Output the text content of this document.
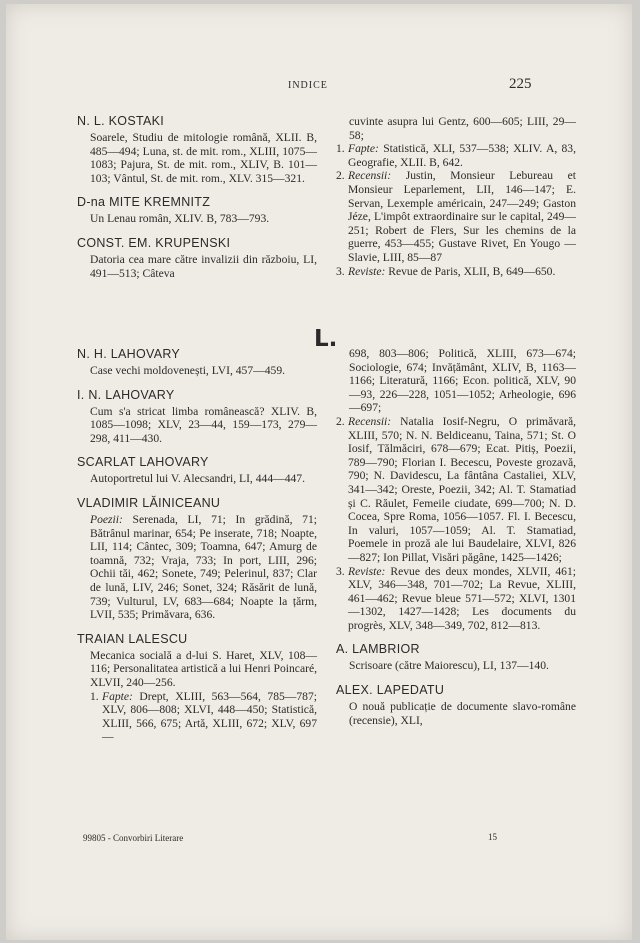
INDICE	225
N. L. KOSTAKI
Soarele, Studiu de mitologie română, XLII. B, 485—494; Luna, st. de mit. rom., XLIII, 1075—1083; Pajura, St. de mit. rom., XLIV, B. 101—103; Vântul, St. de mit. rom., XLV. 315—321.
D-na MITE KREMNITZ
Un Lenau român, XLIV. B, 783—793.
CONST. EM. KRUPENSKI
Datoria cea mare către invalizii din războiu, LI, 491—513; Câteva
cuvinte asupra lui Gentz, 600—605; LIII, 29—58;
1. Fapte: Statistică, XLI, 537—538; XLIV. A, 83, Geografie, XLII. B, 642.
2. Recensii: Justin, Monsieur Lebureau et Monsieur Leparlement, LII, 146—147; E. Servan, Lexemple américain, 247—249; Gaston Jéze, L'impôt extraordinaire sur le capital, 249—251; Robert de Flers, Sur les chemins de la guerre, 453—455; Gustave Rivet, En Yougo — Slavie, LIII, 85—87
3. Reviste: Revue de Paris, XLII, B, 649—650.
L.
N. H. LAHOVARY
Case vechi moldovenești, LVI, 457—459.
I. N. LAHOVARY
Cum s'a stricat limba românească? XLIV. B, 1085—1098; XLV, 23—44, 159—173, 279—298, 411—430.
SCARLAT LAHOVARY
Autoportretul lui V. Alecsandri, LI, 444—447.
VLADIMIR LĂINICEANU
Poezii: Serenada, LI, 71; In grădină, 71; Bătrânul marinar, 654; Pe inserate, 718; Noapte, LII, 114; Cântec, 309; Toamna, 647; Amurg de toamnă, 732; Vraja, 733; In port, LIII, 296; Ochii tăi, 462; Sonete, 749; Pelerinul, 837; Clar de lună, LIV, 246; Sonet, 324; Răsărit de lună, 739; Vulturul, LV, 683—684; Noapte la țărm, LVII, 535; Primăvara, 636.
TRAIAN LALESCU
Mecanica socială a d-lui S. Haret, XLV, 108—116; Personalitatea artistică a lui Henri Poincaré, XLVII, 240—256.
1. Fapte: Drept, XLIII, 563—564, 785—787; XLV, 806—808; XLVI, 448—450; Statistică, XLIII, 566, 675; Artă, XLIII, 672; XLV, 697—
698, 803—806; Politică, XLIII, 673—674; Sociologie, 674; Invățământ, XLIV, B, 1163—1166; Literatură, 1166; Econ. politică, XLV, 90—93, 226—228, 1051—1052; Arheologie, 696—697;
2. Recensii: Natalia Iosif-Negru, O primăvară, XLIII, 570; N. N. Beldiceanu, Taina, 571; St. O Iosif, Tălmăciri, 678—679; Ecat. Pitiș, Poezii, 789—790; Florian I. Becescu, Poveste grozavă, 790; N. Davidescu, La fântâna Castaliei, XLV, 341—342; Oreste, Poezii, 342; Al. T. Stamatiad și C. Răulet, Femeile ciudate, 699—700; N. D. Cocea, Spre Roma, 1056—1057. Fl. I. Becescu, In valuri, 1057—1059; Al. T. Stamatiad, Poemele in proză ale lui Baudelaire, XLVI, 826—827; Ion Pillat, Visări păgâne, 1425—1426;
3. Reviste: Revue des deux mondes, XLVII, 461; XLV, 346—348, 701—702; La Revue, XLIII, 461—462; Revue bleue 571—572; XLVI, 1301—1302, 1427—1428; Les documents du progrès, XLV, 348—349, 702, 812—813.
A. LAMBRIOR
Scrisoare (către Maiorescu), LI, 137—140.
ALEX. LAPEDATU
O nouă publicație de documente slavo-române (recensie), XLI,
99805 - Convorbiri Literare	15
